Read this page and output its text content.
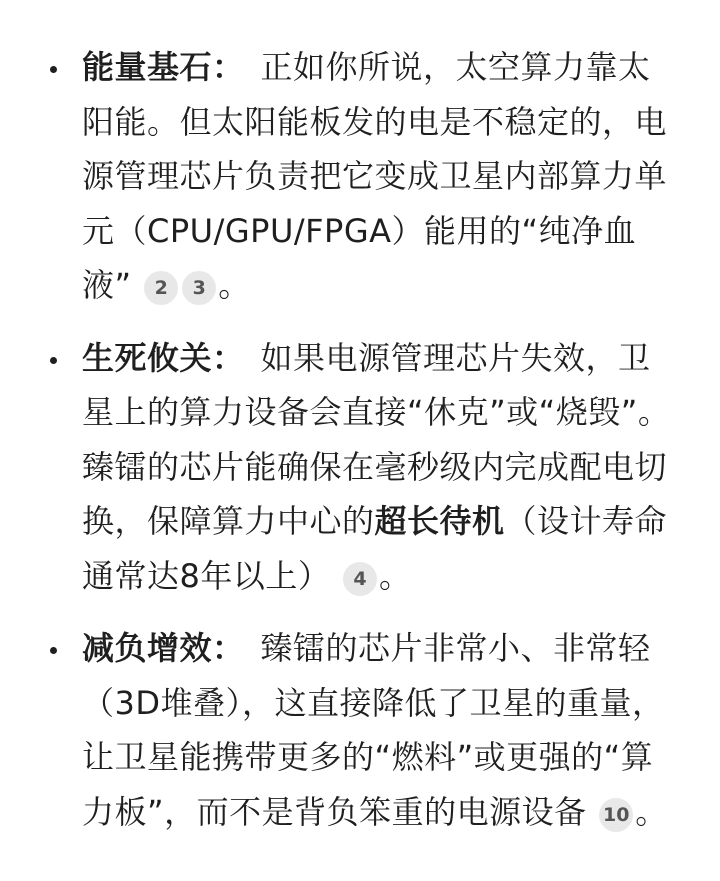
能量基石： 正如你所说，太空算力靠太阳能。但太阳能板发的电是不稳定的，电源管理芯片负责把它变成卫星内部算力单元（CPU/GPU/FPGA）能用的“纯净血液” 2 3 。
生死攸关： 如果电源管理芯片失效，卫星上的算力设备会直接“休克”或“烧毁”。臻镭的芯片能确保在毫秒级内完成配电切换，保障算力中心的超长待机（设计寿命通常达8年以上） 4 。
减负增效： 臻镭的芯片非常小、非常轻（3D堆叠），这直接降低了卫星的重量，让卫星能携带更多的“燃料”或更强的“算力板”，而不是背负笨重的电源设备 10 。
